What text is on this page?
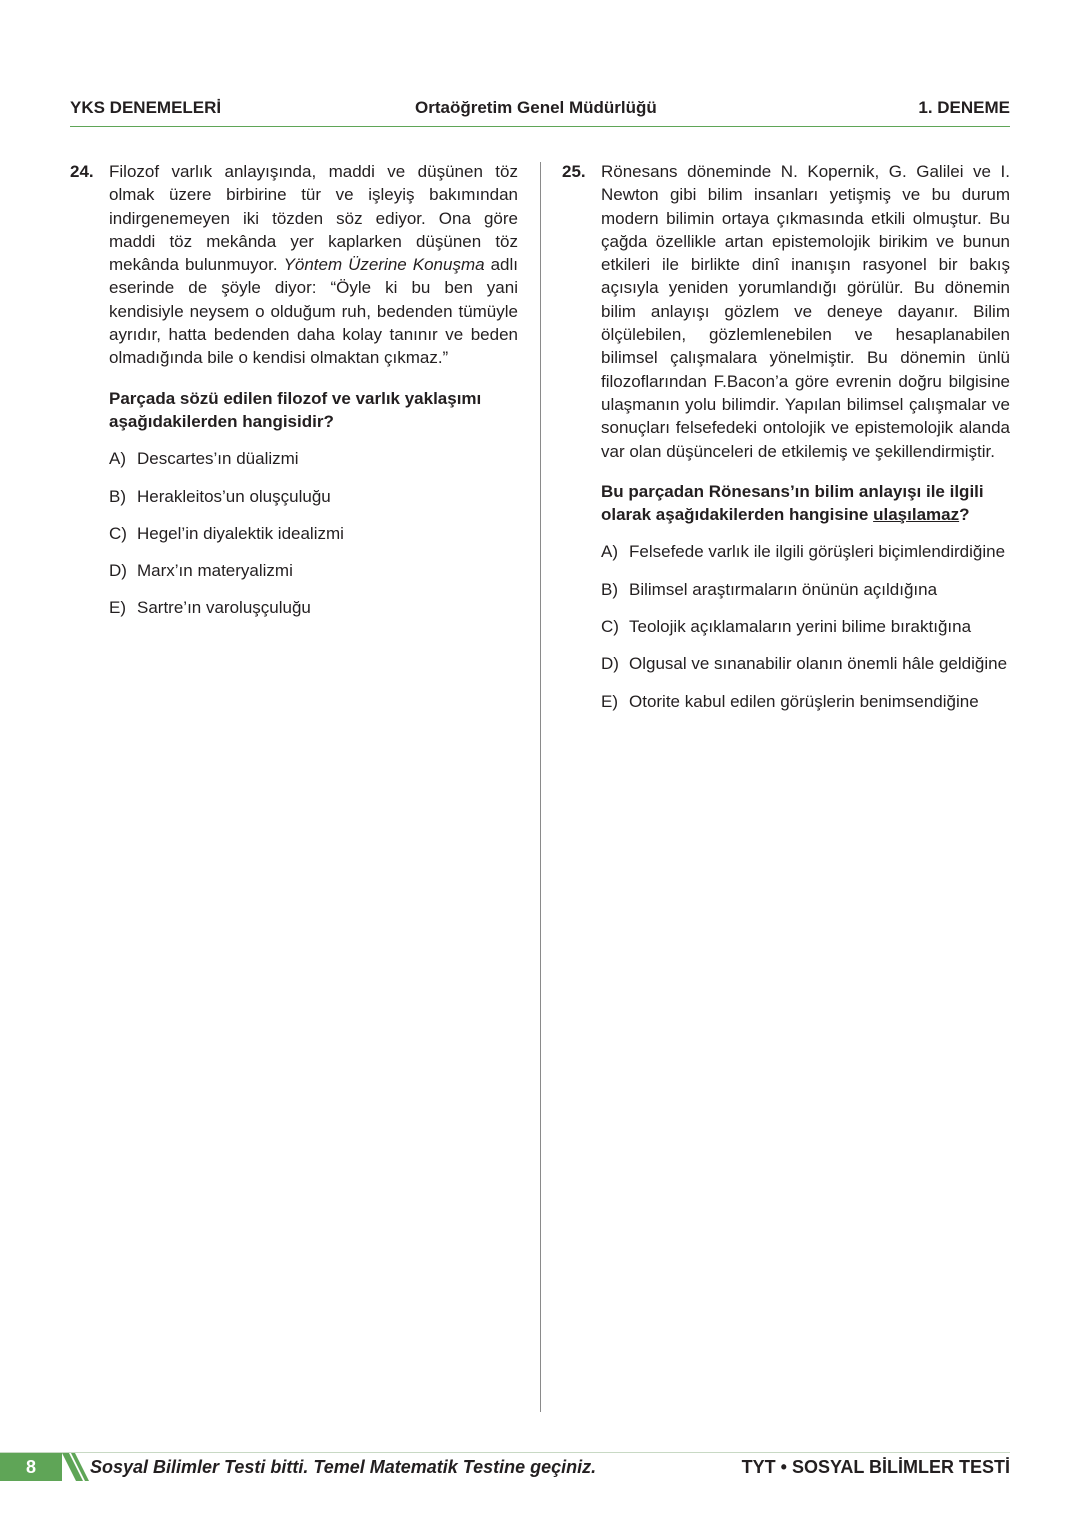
YKS DENEMELERİ	Ortaöğretim Genel Müdürlüğü	1. DENEME
24. Filozof varlık anlayışında, maddi ve düşünen töz olmak üzere birbirine tür ve işleyiş bakımından indirgenemeyen iki tözden söz ediyor. Ona göre maddi töz mekânda yer kaplarken düşünen töz mekânda bulunmuyor. Yöntem Üzerine Konuşma adlı eserinde de şöyle diyor: “Öyle ki bu ben yani kendisiyle neysem o olduğum ruh, bedenden tümüyle ayrıdır, hatta bedenden daha kolay tanınır ve beden olmadığında bile o kendisi olmaktan çıkmaz.”

Parçada sözü edilen filozof ve varlık yaklaşımı aşağıdakilerden hangisidir?

A) Descartes’ın düalizmi
B) Herakleitos’un oluşçuluğu
C) Hegel’in diyalektik idealizmi
D) Marx’ın materyalizmi
E) Sartre’ın varoluşçuluğu
25. Rönesans döneminde N. Kopernik, G. Galilei ve I. Newton gibi bilim insanları yetişmiş ve bu durum modern bilimin ortaya çıkmasında etkili olmuştur. Bu çağda özellikle artan epistemolojik birikim ve bunun etkileri ile birlikte dinî inanışın rasyonel bir bakış açısıyla yeniden yorumlandığı görülür. Bu dönemin bilim anlayışı gözlem ve deneye dayanır. Bilim ölçülebilen, gözlemlenebilen ve hesaplanabilen bilimsel çalışmalara yönelmiştir. Bu dönemin ünlü filozoflarından F.Bacon’a göre evrenin doğru bilgisine ulaşmanın yolu bilimdir. Yapılan bilimsel çalışmalar ve sonuçları felsefedeki ontolojik ve epistemolojik alanda var olan düşünceleri de etkilemiş ve şekillendirmiştir.

Bu parçadan Rönesans’ın bilim anlayışı ile ilgili olarak aşağıdakilerden hangisine ulaşılamaz?

A) Felsefede varlık ile ilgili görüşleri biçimlendirdiğine
B) Bilimsel araştırmaların önünün açıldığına
C) Teolojik açıklamaların yerini bilime bıraktığına
D) Olgusal ve sınanabilir olanın önemli hâle geldiğine
E) Otorite kabul edilen görüşlerin benimsendiğine
8	Sosyal Bilimler Testi bitti. Temel Matematik Testine geçiniz.	TYT • SOSYAL BİLİMLER TESTİ
